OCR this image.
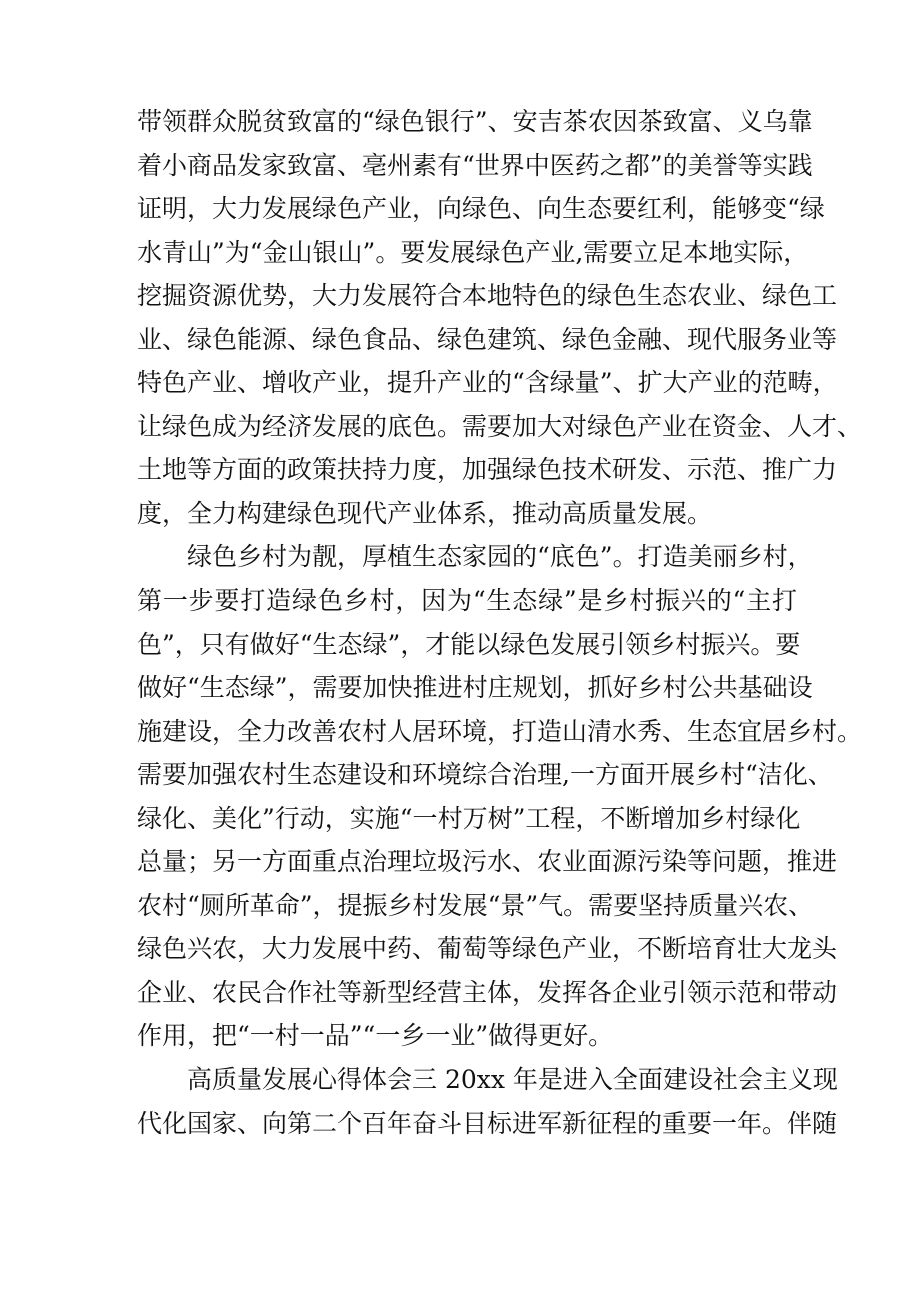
带领群众脱贫致富的“绿色银行”、安吉茶农因茶致富、义乌靠
着小商品发家致富、亳州素有“世界中医药之都”的美誉等实践
证明，大力发展绿色产业，向绿色、向生态要红利，能够变“绿
水青山”为“金山银山”。要发展绿色产业,需要立足本地实际，
挖掘资源优势，大力发展符合本地特色的绿色生态农业、绿色工
业、绿色能源、绿色食品、绿色建筑、绿色金融、现代服务业等
特色产业、增收产业，提升产业的“含绿量”、扩大产业的范畴，
让绿色成为经济发展的底色。需要加大对绿色产业在资金、人才、
土地等方面的政策扶持力度，加强绿色技术研发、示范、推广力
度，全力构建绿色现代产业体系，推动高质量发展。
绿色乡村为靓，厚植生态家园的“底色”。打造美丽乡村，
第一步要打造绿色乡村，因为“生态绿”是乡村振兴的“主打
色”，只有做好“生态绿”，才能以绿色发展引领乡村振兴。要
做好“生态绿”，需要加快推进村庄规划，抓好乡村公共基础设
施建设，全力改善农村人居环境，打造山清水秀、生态宜居乡村。
需要加强农村生态建设和环境综合治理,一方面开展乡村“洁化、
绿化、美化”行动，实施“一村万树”工程，不断增加乡村绿化
总量；另一方面重点治理垃圾污水、农业面源污染等问题，推进
农村“厕所革命”，提振乡村发展“景”气。需要坚持质量兴农、
绿色兴农，大力发展中药、葡萄等绿色产业，不断培育壮大龙头
企业、农民合作社等新型经营主体，发挥各企业引领示范和带动
作用，把“一村一品”“一乡一业”做得更好。
高质量发展心得体会三 20xx 年是进入全面建设社会主义现
代化国家、向第二个百年奋斗目标进军新征程的重要一年。伴随
